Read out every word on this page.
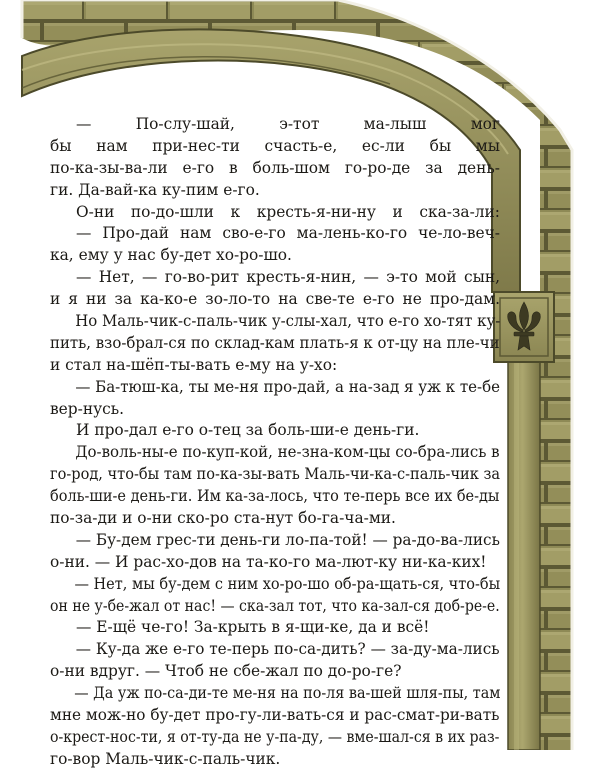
— По-слу-шай, э-тот ма-лыш мог
бы нам при-нес-ти счасть-е, ес-ли бы мы
по-ка-зы-ва-ли е-го в боль-шом го-ро-де за день-
ги. Да-вай-ка ку-пим е-го.
О-ни по-до-шли к кресть-я-ни-ну и ска-за-ли:
— Про-дай нам сво-е-го ма-лень-ко-го че-ло-веч-
ка, ему у нас бу-дет хо-ро-шо.
— Нет, — го-во-рит кресть-я-нин, — э-то мой сын,
и я ни за ка-ко-е зо-ло-то на све-те е-го не про-дам.
Но Маль-чик-с-паль-чик у-слы-хал, что е-го хо-тят ку-
пить, взо-брал-ся по склад-кам плать-я к от-цу на пле-чи
и стал на-шёп-ты-вать е-му на у-хо:
— Ба-тюш-ка, ты ме-ня про-дай, а на-зад я уж к те-бе
вер-нусь.
И про-дал е-го о-тец за боль-ши-е день-ги.
До-воль-ны-е по-куп-кой, не-зна-ком-цы со-бра-лись в
го-род, что-бы там по-ка-зы-вать Маль-чи-ка-с-паль-чик за
боль-ши-е день-ги. Им ка-за-лось, что те-перь все их бе-ды
по-за-ди и о-ни ско-ро ста-нут бо-га-ча-ми.
— Бу-дем грес-ти день-ги ло-па-той! — ра-до-ва-лись
о-ни. — И рас-хо-дов на та-ко-го ма-лют-ку ни-ка-ких!
— Нет, мы бу-дем с ним хо-ро-шо об-ра-щать-ся, что-бы
он не у-бе-жал от нас! — ска-зал тот, что ка-зал-ся доб-ре-е.
— Е-щё че-го! За-крыть в я-щи-ке, да и всё!
— Ку-да же е-го те-перь по-са-дить? — за-ду-ма-лись
о-ни вдруг. — Чтоб не сбе-жал по до-ро-ге?
— Да уж по-са-ди-те ме-ня на по-ля ва-шей шля-пы, там
мне мож-но бу-дет про-гу-ли-вать-ся и рас-смат-ри-вать
о-крест-нос-ти, я от-ту-да не у-па-ду, — вме-шал-ся в их раз-
го-вор Маль-чик-с-паль-чик.
